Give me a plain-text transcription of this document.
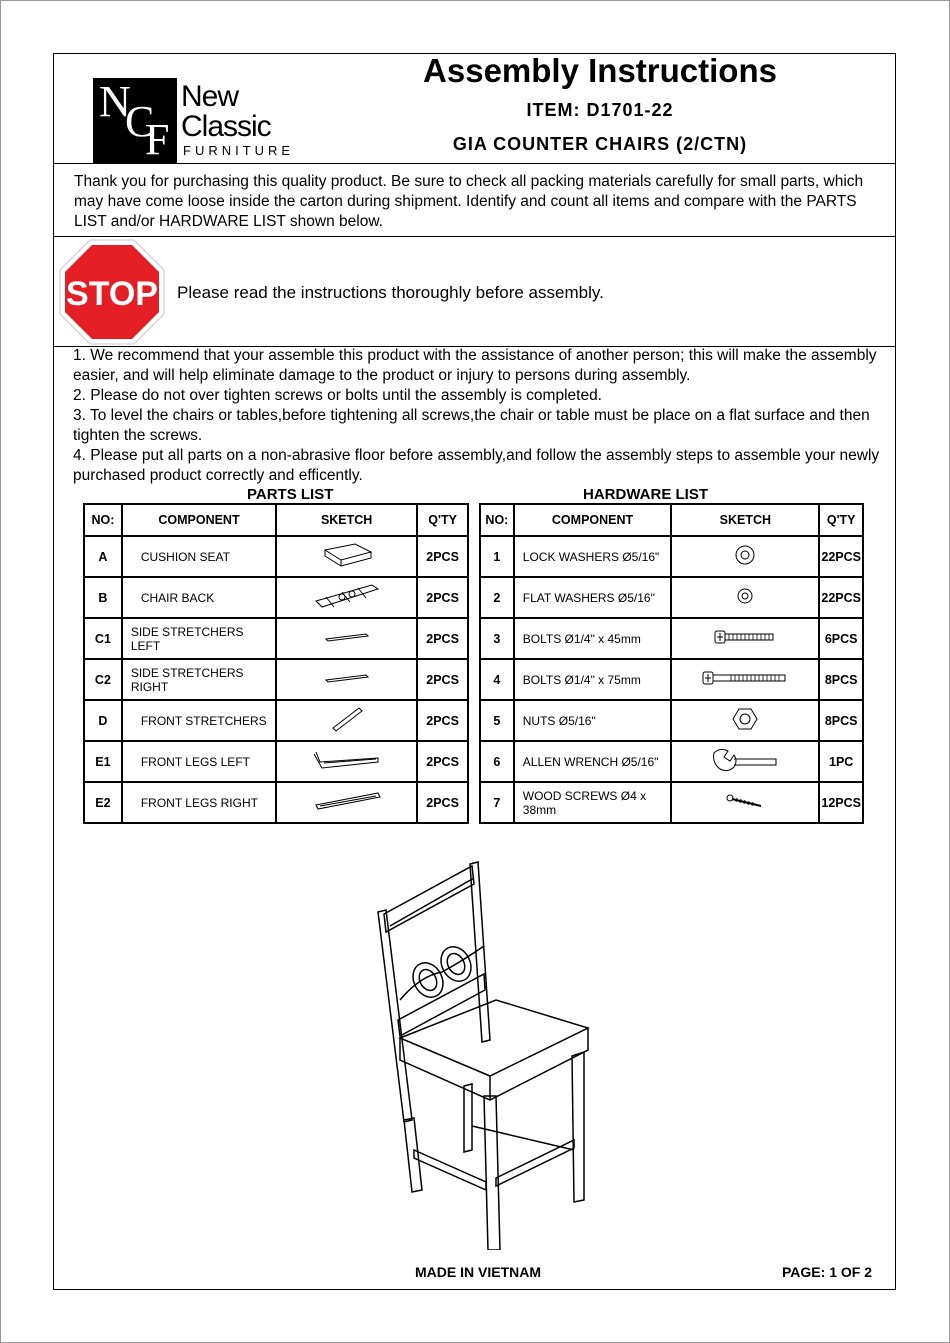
N
C
F
New
Classic
FURNITURE
Assembly Instructions
ITEM: D1701-22
GIA COUNTER CHAIRS (2/CTN)
Thank you for purchasing this quality product. Be sure to check all packing materials carefully for small parts, which may have come loose inside the carton during shipment. Identify and count all items and compare with the PARTS LIST and/or HARDWARE LIST shown below.
STOP Please read the instructions thoroughly before assembly.

1. We recommend that your assemble this product with the assistance of another person; this will make the assembly easier, and will help eliminate damage to the product or injury to persons during assembly.

2. Please do not over tighten screws or bolts until the assembly is completed.

3. To level the chairs or tables,before tightening all screws,the chair or table must be place on a flat surface and then tighten the screws.

4. Please put all parts on a non-abrasive floor before assembly,and follow the assembly steps to assemble your newly purchased product correctly and efficently.

PARTS LIST
NO:	COMPONENT	SKETCH	Q'TY
A	CUSHION SEAT		2PCS
B	CHAIR BACK		2PCS
C1	SIDE STRETCHERS LEFT		2PCS
C2	SIDE STRETCHERS RIGHT		2PCS
D	FRONT STRETCHERS		2PCS
E1	FRONT LEGS LEFT		2PCS
E2	FRONT LEGS RIGHT		2PCS
HARDWARE LIST
NO:	COMPONENT	SKETCH	Q'TY
1	LOCK WASHERS Ø5/16"		22PCS
2	FLAT WASHERS Ø5/16"		22PCS
3	BOLTS Ø1/4" x 45mm		6PCS
4	BOLTS Ø1/4" x 75mm		8PCS
5	NUTS Ø5/16"		8PCS
6	ALLEN WRENCH Ø5/16"		1PC
7	WOOD SCREWS Ø4 x 38mm		12PCS
MADE IN VIETNAM	PAGE: 1 OF 2
